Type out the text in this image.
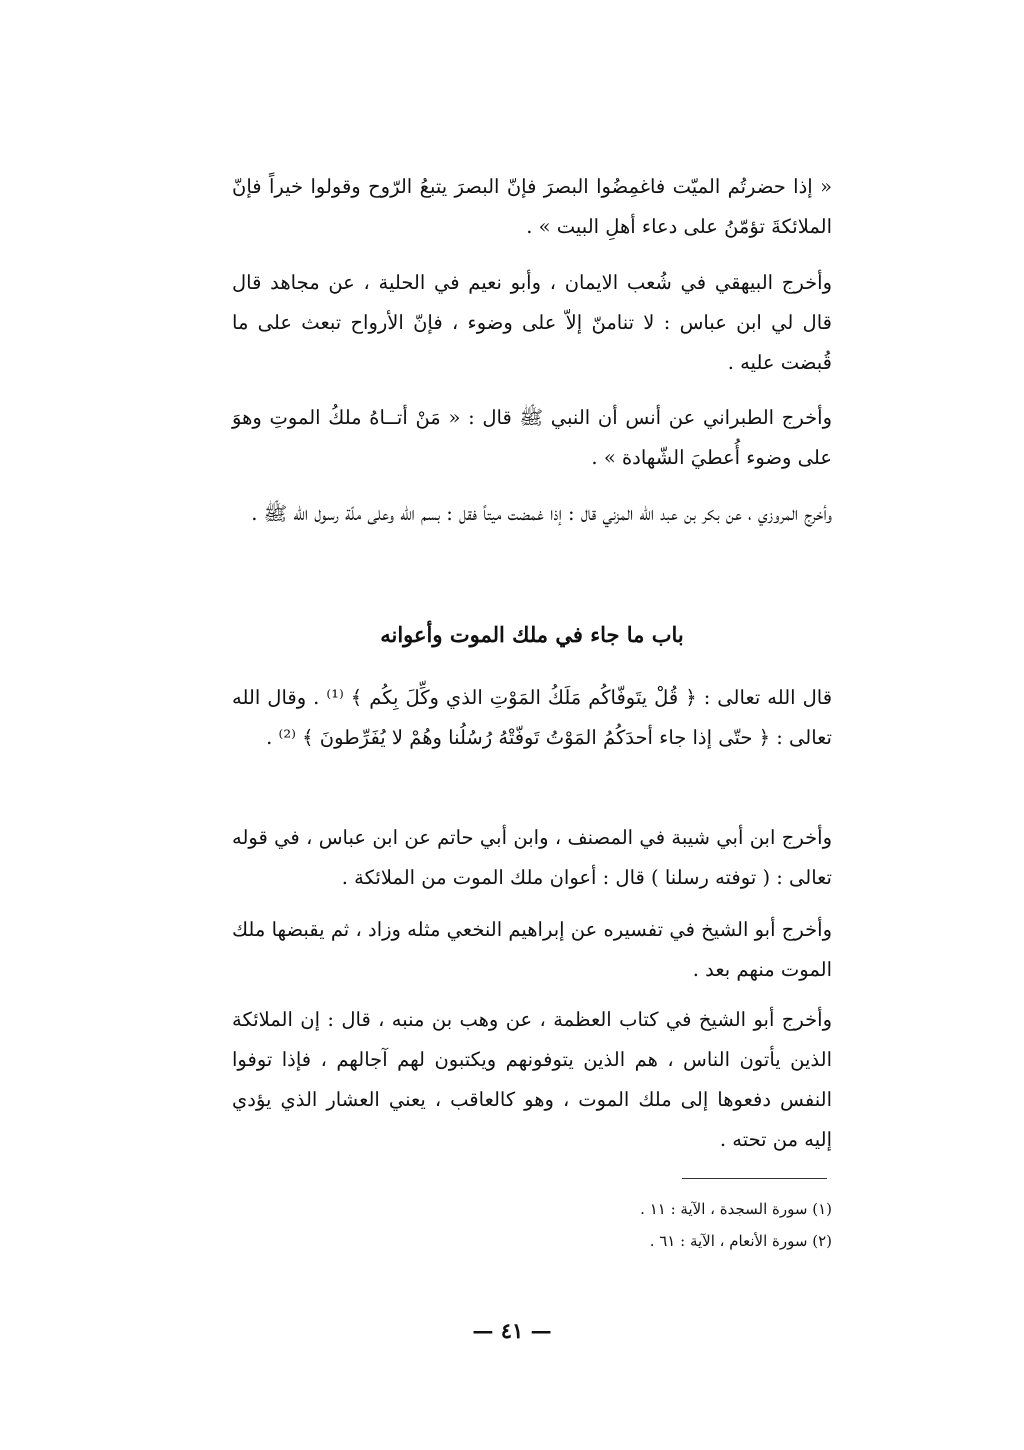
« إذا حضرتُم الميّت فاغمِضُوا البصرَ فإنّ البصرَ يتبعُ الرّوح وقولوا خيراً فإنّ الملائكةَ تؤمّنُ على دعاء أهلِ البيت » .

وأخرج البيهقي في شُعب الايمان ، وأبو نعيم في الحلية ، عن مجاهد قال قال لي ابن عباس : لا تنامنّ إلاّ على وضوء ، فإنّ الأرواح تبعث على ما قُبضت عليه .

وأخرج الطبراني عن أنس أن النبي ﷺ قال : « مَنْ أتــاهُ ملكُ الموتِ وهوَ على وضوء أُعطيَ الشّهادة » .

وأخرج المروزي ، عن بكر بن عبد الله المزني قال : إذا غمضت ميتاً فقل : بسم الله وعلى ملّة رسول الله ﷺ .

باب ما جاء في ملك الموت وأعوانه

قال الله تعالى : ﴿ قُلْ يتَوفّاكُم مَلَكُ المَوْتِ الذي وكِّلَ بِكُم ﴾ ⁽¹⁾ . وقال الله تعالى : ﴿ حتّى إذا جاء أحدَكُمُ المَوْتُ تَوفّتْهُ رُسُلُنا وهُمْ لا يُفَرِّطونَ ﴾ ⁽²⁾ .

وأخرج ابن أبي شيبة في المصنف ، وابن أبي حاتم عن ابن عباس ، في قوله تعالى : ( توفته رسلنا ) قال : أعوان ملك الموت من الملائكة .

وأخرج أبو الشيخ في تفسيره عن إبراهيم النخعي مثله وزاد ، ثم يقبضها ملك الموت منهم بعد .

وأخرج أبو الشيخ في كتاب العظمة ، عن وهب بن منبه ، قال : إن الملائكة الذين يأتون الناس ، هم الذين يتوفونهم ويكتبون لهم آجالهم ، فإذا توفوا النفس دفعوها إلى ملك الموت ، وهو كالعاقب ، يعني العشار الذي يؤدي إليه من تحته .

(١) سورة السجدة ، الآية : ١١ .

(٢) سورة الأنعام ، الآية : ٦١ .

— ٤١ —
